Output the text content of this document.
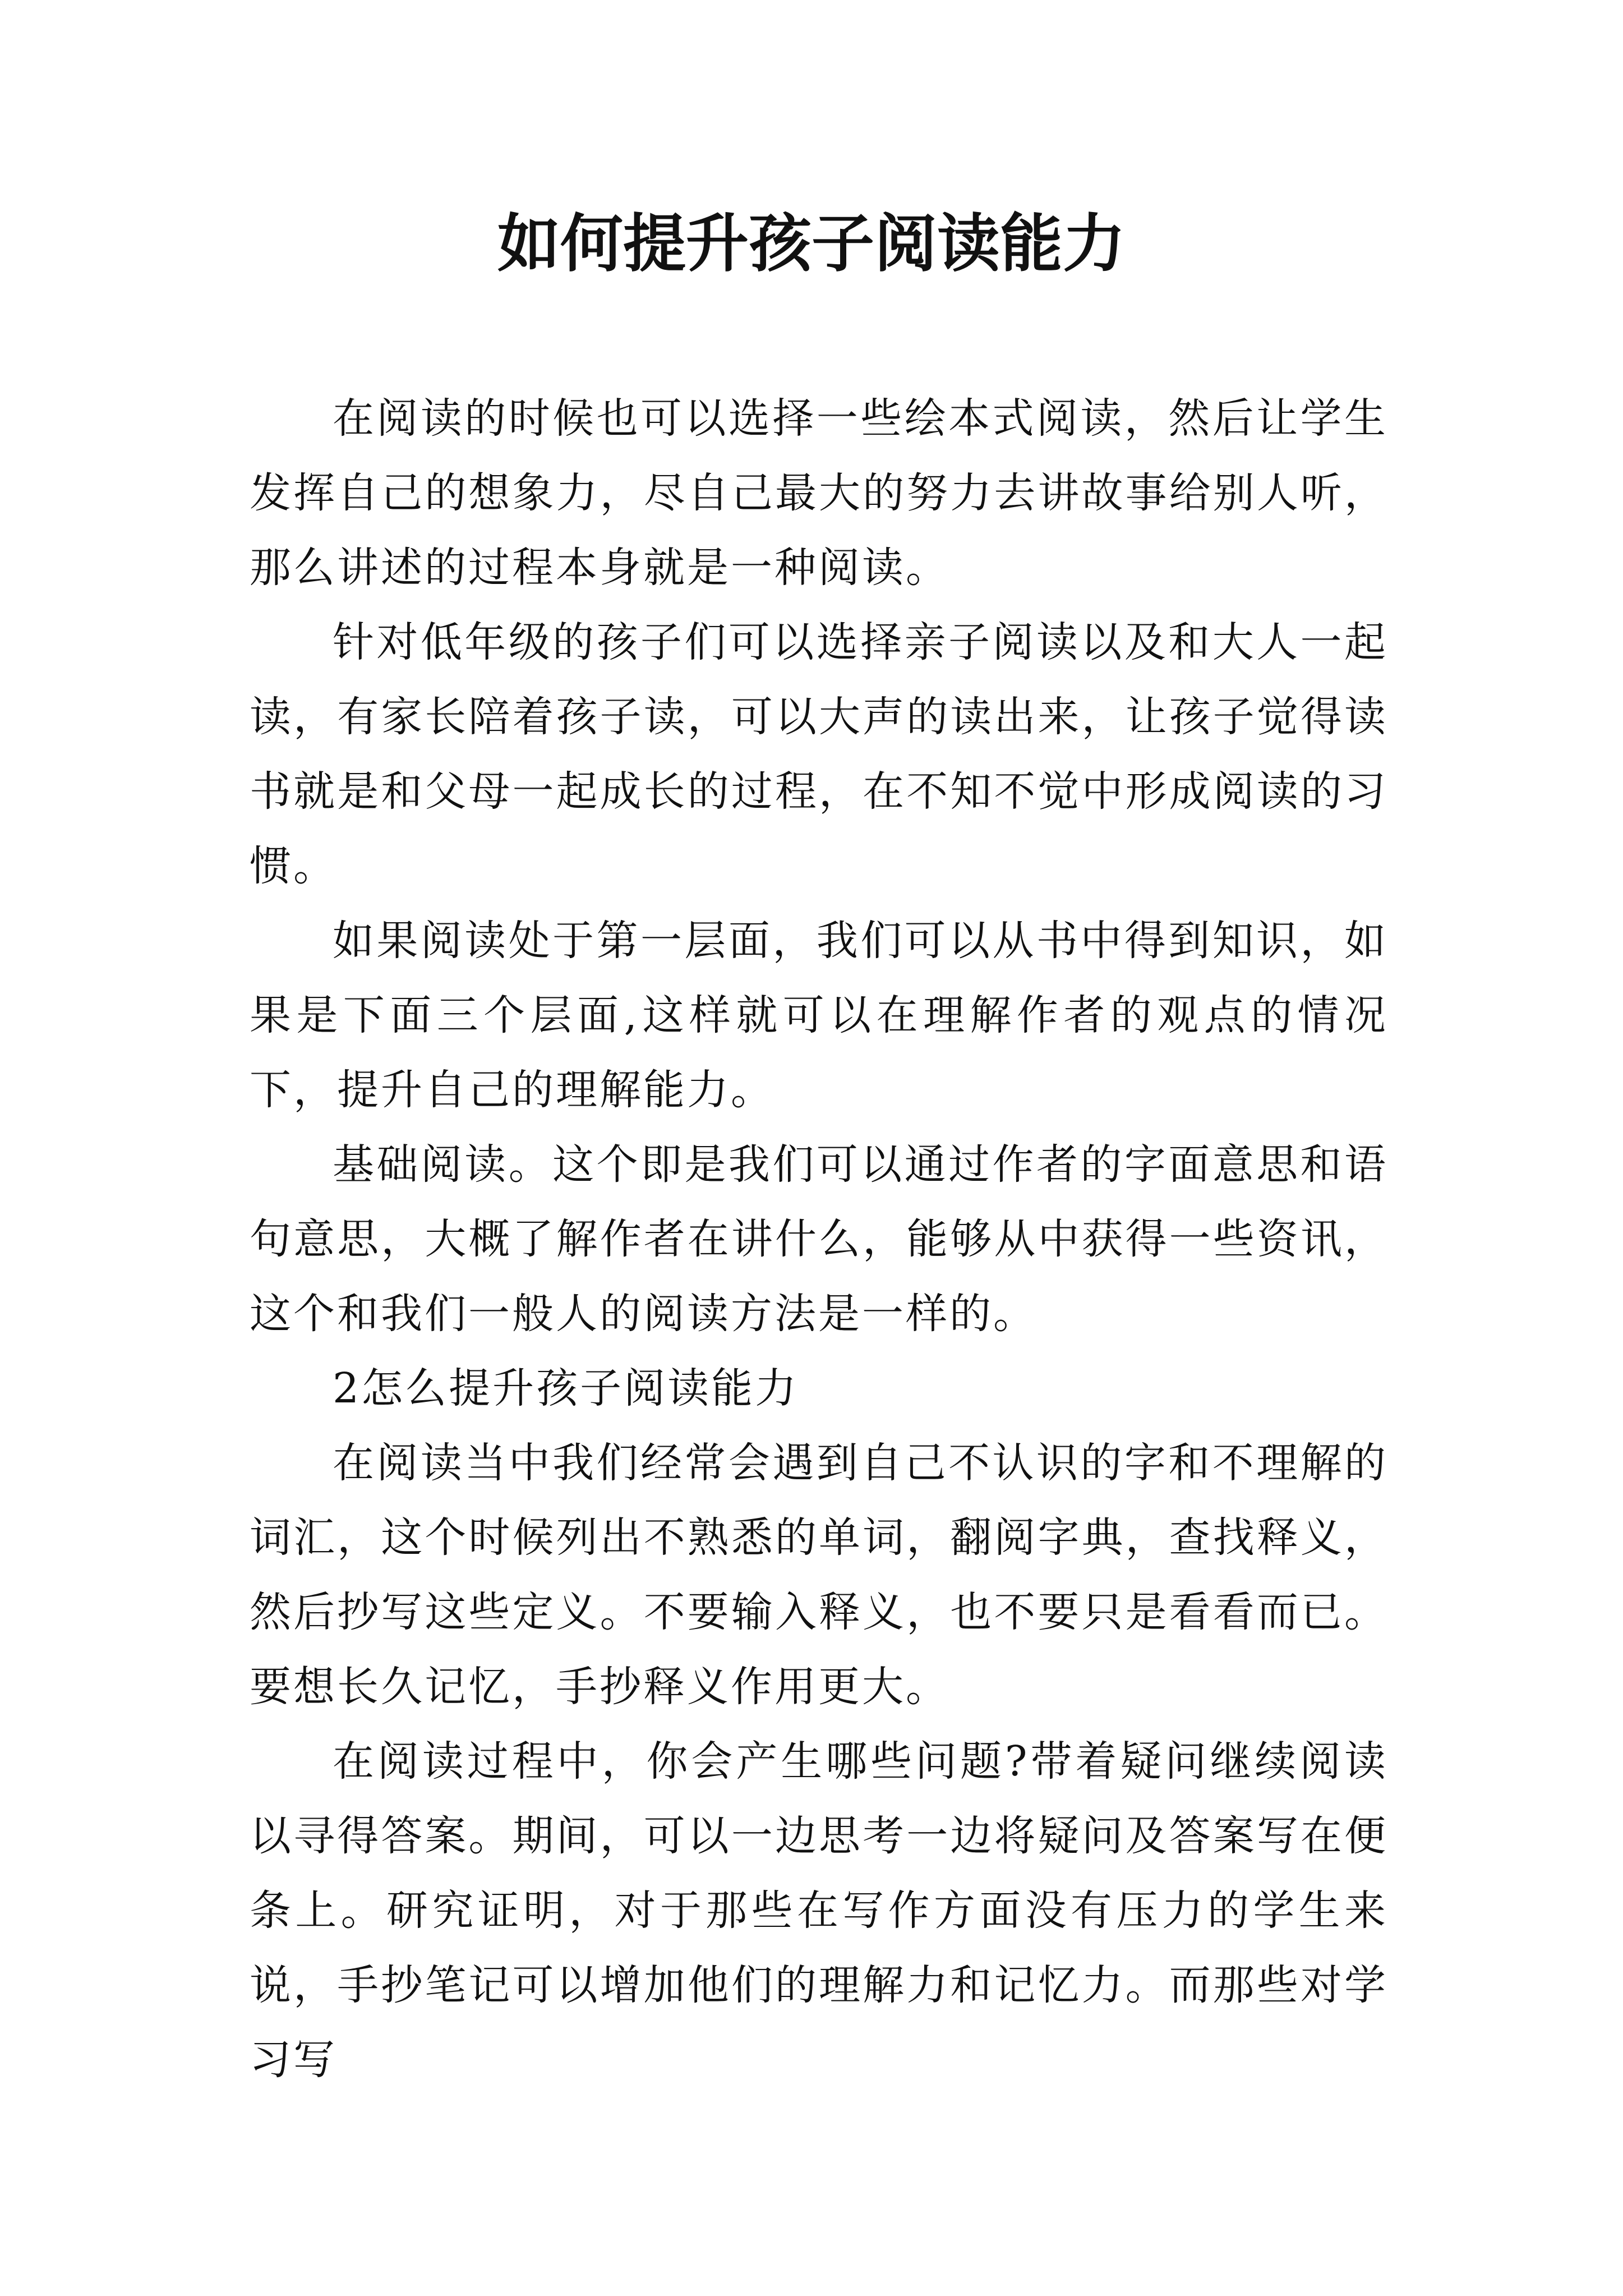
如何提升孩子阅读能力

在阅读的时候也可以选择一些绘本式阅读，然后让学生发挥自己的想象力，尽自己最大的努力去讲故事给别人听，那么讲述的过程本身就是一种阅读。

针对低年级的孩子们可以选择亲子阅读以及和大人一起读，有家长陪着孩子读，可以大声的读出来，让孩子觉得读书就是和父母一起成长的过程，在不知不觉中形成阅读的习惯。

如果阅读处于第一层面，我们可以从书中得到知识，如果是下面三个层面,这样就可以在理解作者的观点的情况下，提升自己的理解能力。

基础阅读。这个即是我们可以通过作者的字面意思和语句意思，大概了解作者在讲什么，能够从中获得一些资讯，这个和我们一般人的阅读方法是一样的。

2怎么提升孩子阅读能力

在阅读当中我们经常会遇到自己不认识的字和不理解的词汇，这个时候列出不熟悉的单词，翻阅字典，查找释义，然后抄写这些定义。不要输入释义，也不要只是看看而已。要想长久记忆，手抄释义作用更大。

在阅读过程中，你会产生哪些问题?带着疑问继续阅读以寻得答案。期间，可以一边思考一边将疑问及答案写在便条上。研究证明，对于那些在写作方面没有压力的学生来说，手抄笔记可以增加他们的理解力和记忆力。而那些对学习写
